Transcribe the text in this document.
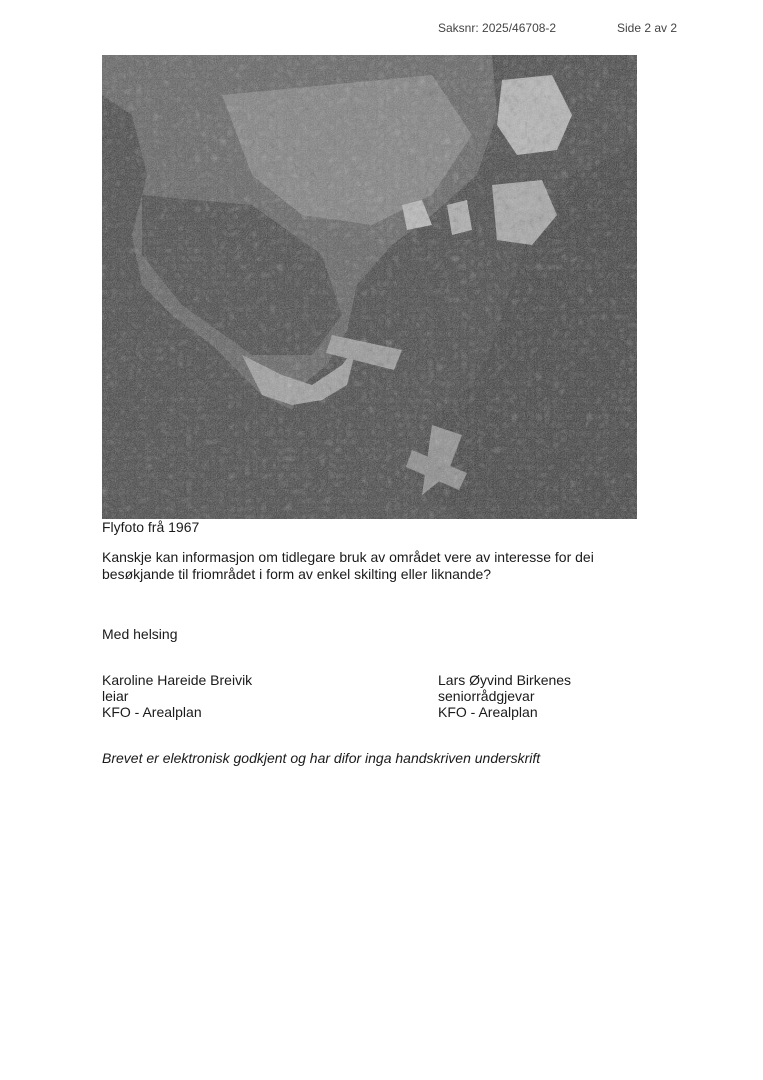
Saksnr: 2025/46708-2	Side 2 av 2
Flyfoto frå 1967

Kanskje kan informasjon om tidlegare bruk av området vere av interesse for dei besøkjande til friområdet i form av enkel skilting eller liknande?

Med helsing
Karoline Hareide Breivik
leiar
KFO - Arealplan
Lars Øyvind Birkenes
seniorrådgjevar
KFO - Arealplan
Brevet er elektronisk godkjent og har difor inga handskriven underskrift
